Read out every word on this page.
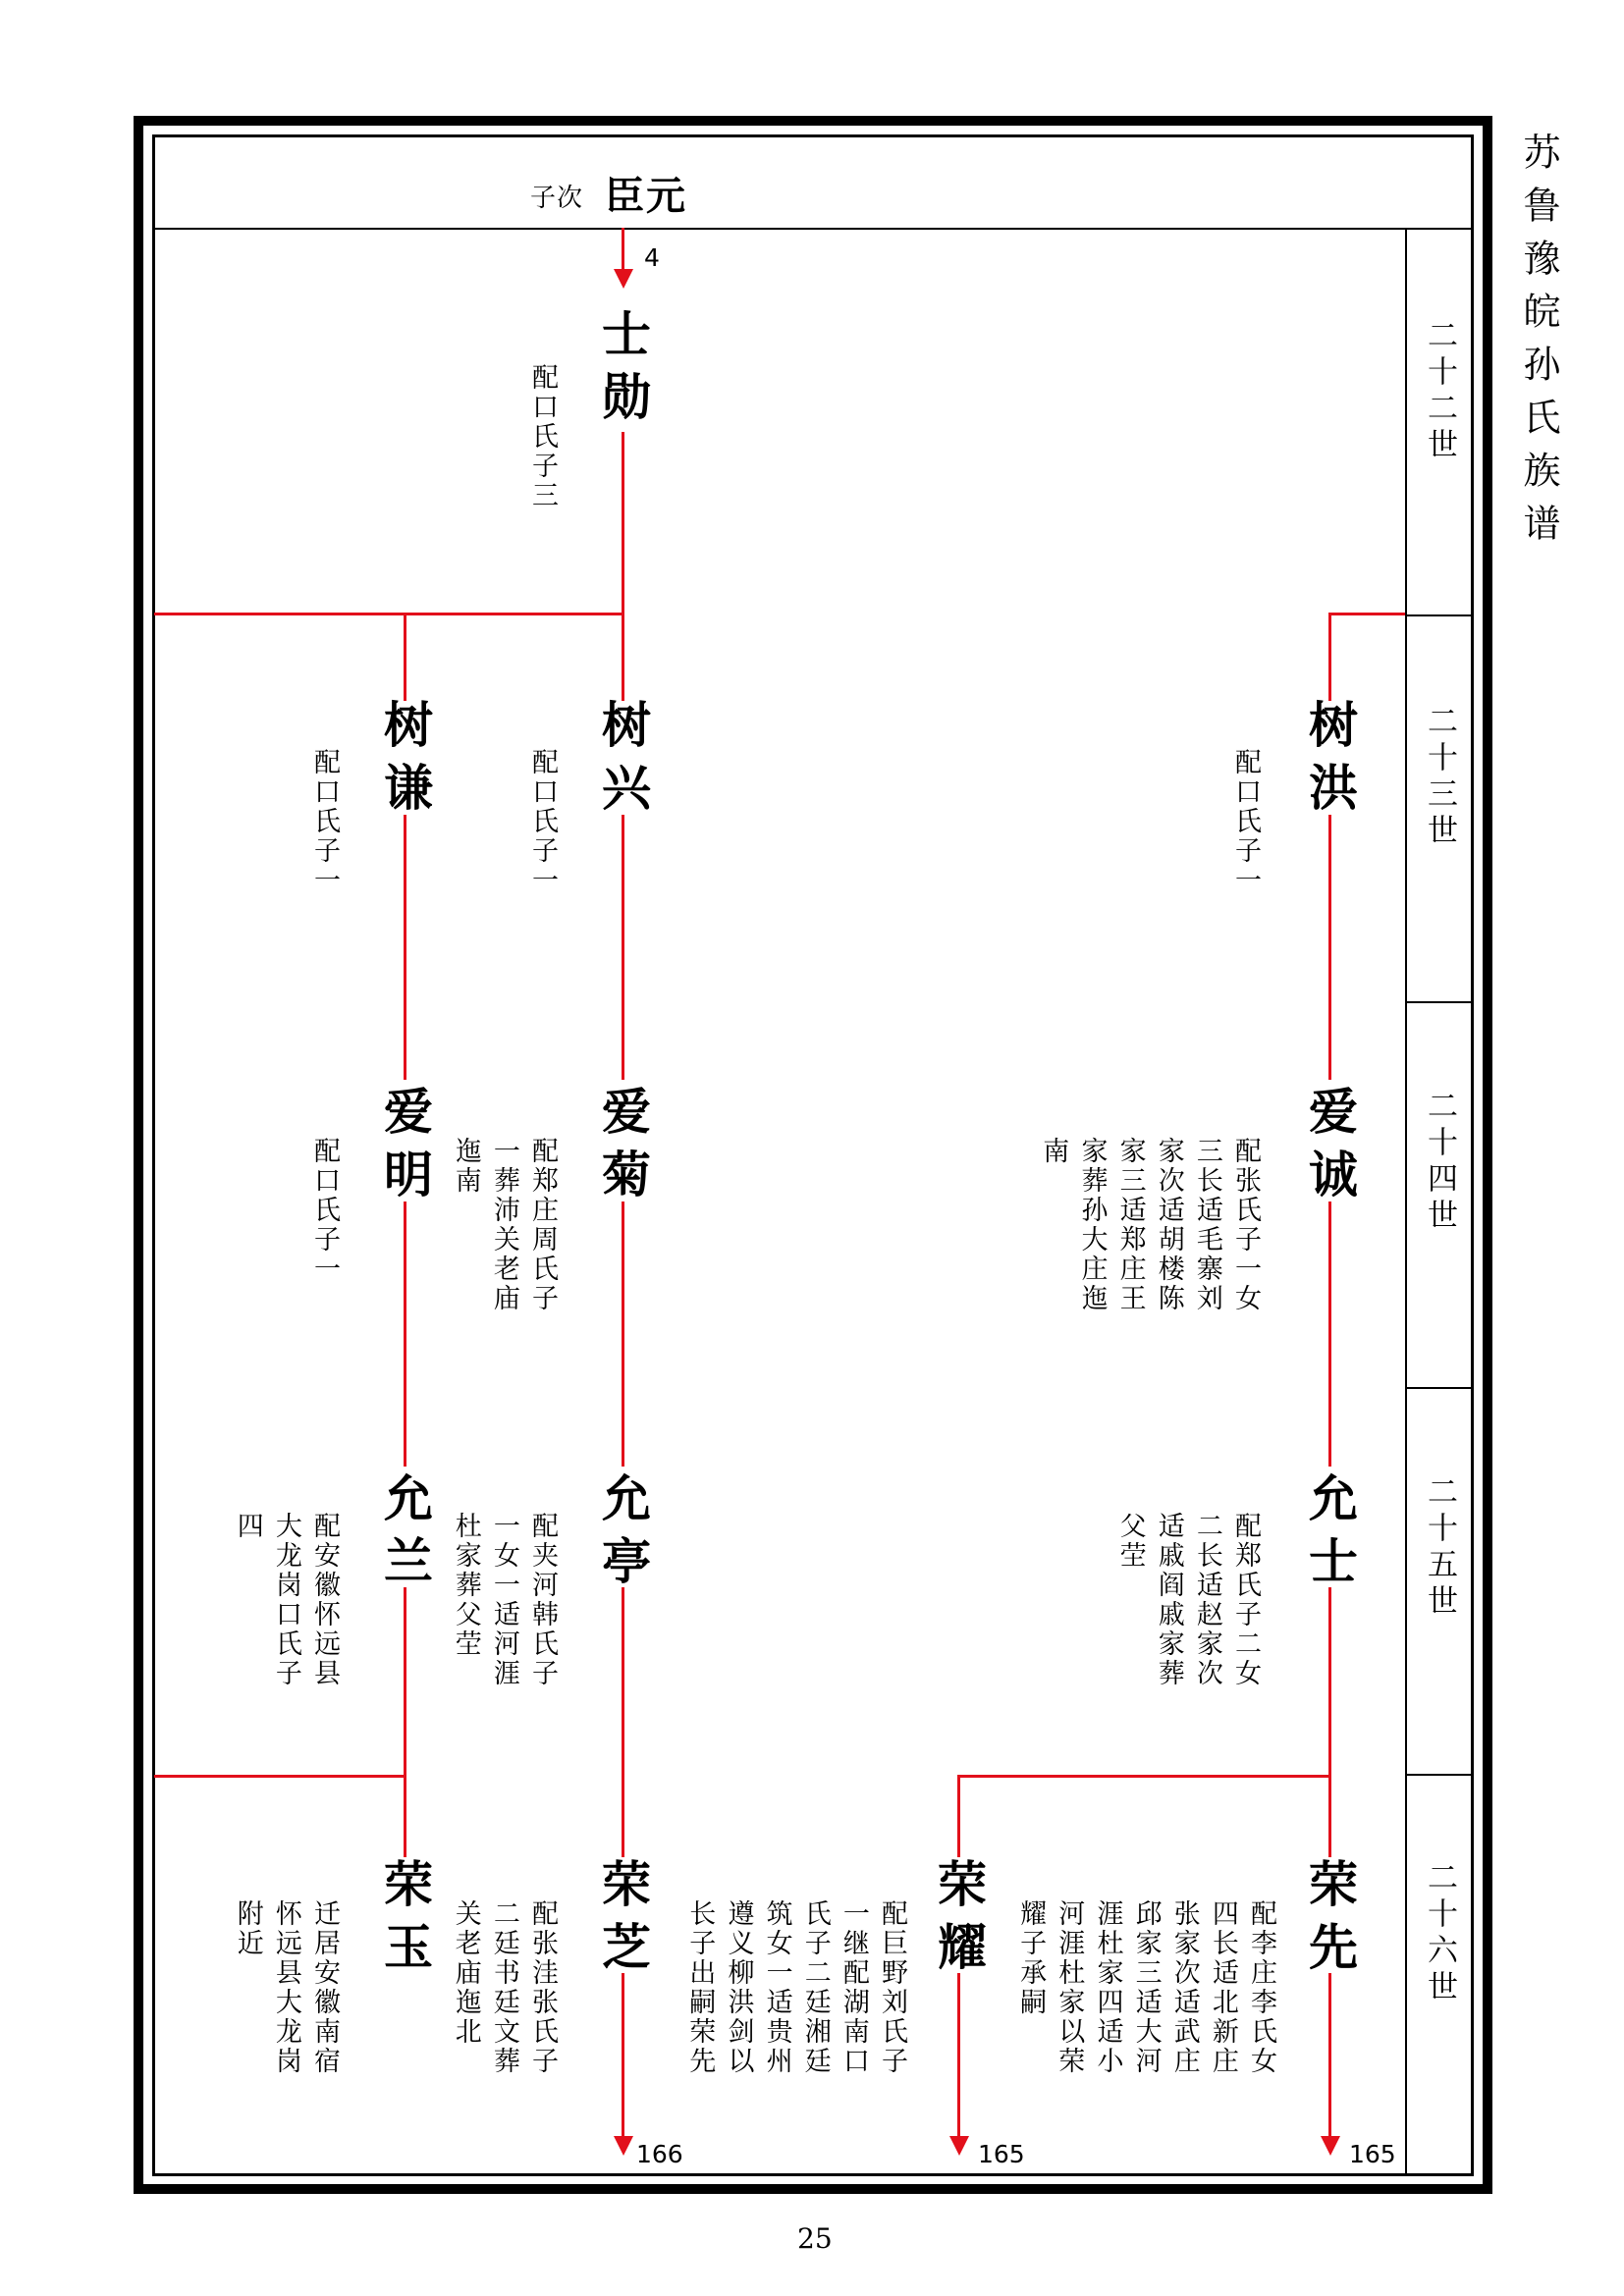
苏鲁豫皖孙氏族谱
子次 臣元
二十二世
二十三世
二十四世
二十五世
二十六世
4
166	165	165
士勋
树谦	树兴	树洪
爱明	爱菊	爱诚
允兰	允亭	允士
荣玉	荣芝	荣耀	荣先
配口氏子三
配口氏子一	配口氏子一	配口氏子一
配口氏子一	配郑庄周氏子
一葬沛关老庙
迤南	配张氏子一女
三长适毛寨刘
家次适胡楼陈
家三适郑庄王
家葬孙大庄迤
南
配安徽怀远县
大龙岗口氏子
四	配夹河韩氏子
一女一适河涯
杜家葬父茔	配郑氏子二女
二长适赵家次
适戚阎戚家葬
父茔
迁居安徽南宿
怀远县大龙岗
附近	配张洼张氏子
二廷书廷文葬
关老庙迤北	配巨野刘氏子
一继配湖南口
氏子二廷湘廷
筑女一适贵州
遵义柳洪剑以
长子出嗣荣先	配李庄李氏女
四长适北新庄
张家次适武庄
邱家三适大河
涯杜家四适小
河涯杜家以荣
耀子承嗣
25
